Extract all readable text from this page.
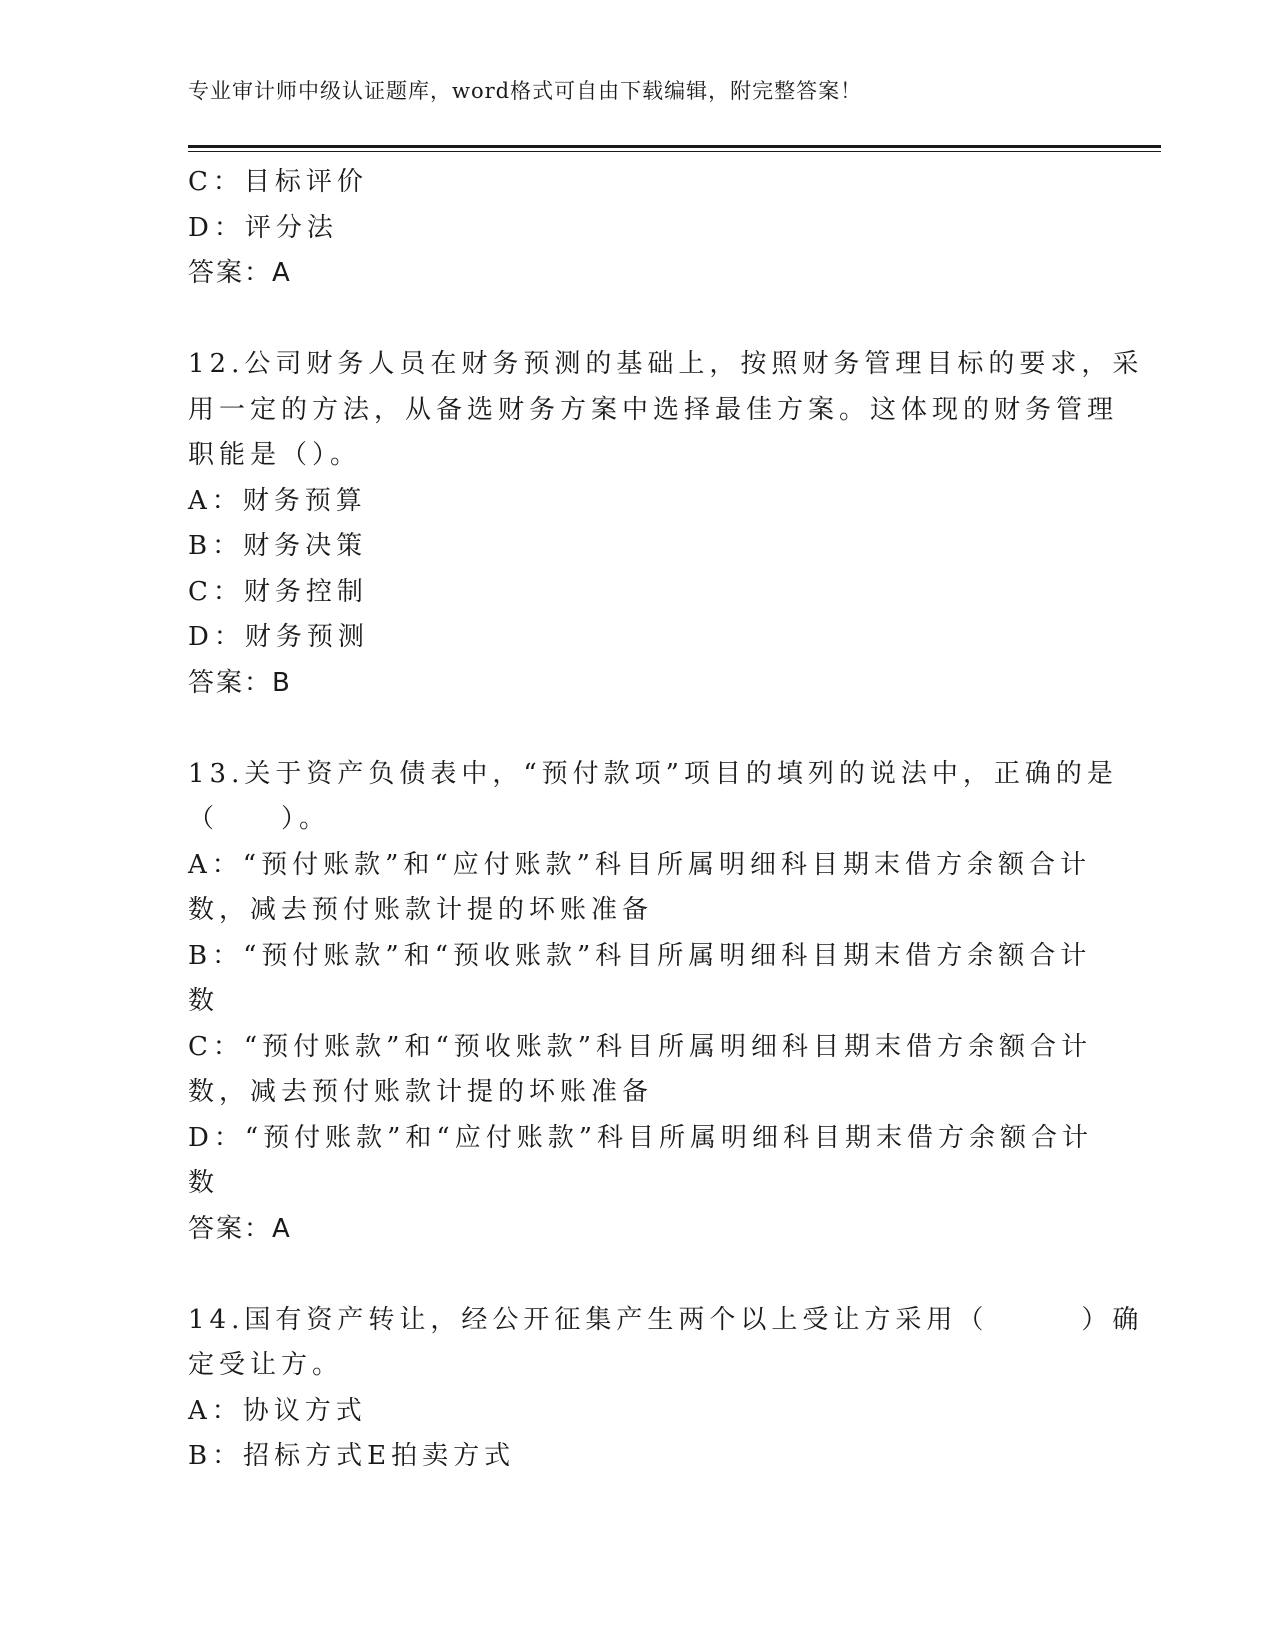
专业审计师中级认证题库，word格式可自由下载编辑，附完整答案！
C：目标评价
D：评分法
答案：A
12.公司财务人员在财务预测的基础上，按照财务管理目标的要求，采
用一定的方法，从备选财务方案中选择最佳方案。这体现的财务管理
职能是（）。
A：财务预算
B：财务决策
C：财务控制
D：财务预测
答案：B
13.关于资产负债表中，“预付款项”项目的填列的说法中，正确的是
（　　）。
A：“预付账款”和“应付账款”科目所属明细科目期末借方余额合计
数，减去预付账款计提的坏账准备
B：“预付账款”和“预收账款”科目所属明细科目期末借方余额合计
数
C：“预付账款”和“预收账款”科目所属明细科目期末借方余额合计
数，减去预付账款计提的坏账准备
D：“预付账款”和“应付账款”科目所属明细科目期末借方余额合计
数
答案：A
14.国有资产转让，经公开征集产生两个以上受让方采用（　　　）确
定受让方。
A：协议方式
B：招标方式E拍卖方式
